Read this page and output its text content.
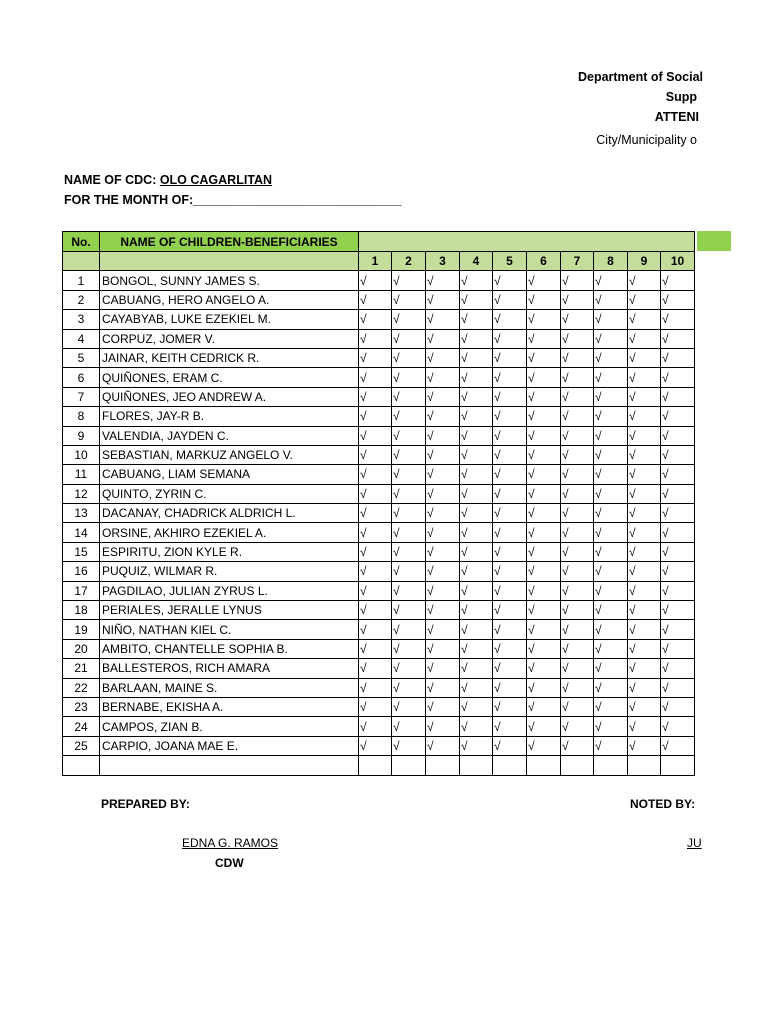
Department of Social
Supp
ATTENI
City/Municipality o
NAME OF CDC: OLO CAGARLITAN
FOR THE MONTH OF:______________________________
No.	NAME OF CHILDREN-BENEFICIARIES										
		1	2	3	4	5	6	7	8	9	10
1	BONGOL, SUNNY JAMES S.	√	√	√	√	√	√	√	√	√	√
2	CABUANG, HERO ANGELO A.	√	√	√	√	√	√	√	√	√	√
3	CAYABYAB, LUKE EZEKIEL M.	√	√	√	√	√	√	√	√	√	√
4	CORPUZ, JOMER V.	√	√	√	√	√	√	√	√	√	√
5	JAINAR, KEITH CEDRICK R.	√	√	√	√	√	√	√	√	√	√
6	QUIÑONES, ERAM C.	√	√	√	√	√	√	√	√	√	√
7	QUIÑONES, JEO ANDREW A.	√	√	√	√	√	√	√	√	√	√
8	FLORES, JAY-R B.	√	√	√	√	√	√	√	√	√	√
9	VALENDIA, JAYDEN C.	√	√	√	√	√	√	√	√	√	√
10	SEBASTIAN, MARKUZ ANGELO V.	√	√	√	√	√	√	√	√	√	√
11	CABUANG, LIAM SEMANA	√	√	√	√	√	√	√	√	√	√
12	QUINTO, ZYRIN C.	√	√	√	√	√	√	√	√	√	√
13	DACANAY, CHADRICK ALDRICH L.	√	√	√	√	√	√	√	√	√	√
14	ORSINE, AKHIRO EZEKIEL A.	√	√	√	√	√	√	√	√	√	√
15	ESPIRITU, ZION KYLE R.	√	√	√	√	√	√	√	√	√	√
16	PUQUIZ, WILMAR R.	√	√	√	√	√	√	√	√	√	√
17	PAGDILAO, JULIAN ZYRUS L.	√	√	√	√	√	√	√	√	√	√
18	PERIALES, JERALLE LYNUS	√	√	√	√	√	√	√	√	√	√
19	NIÑO, NATHAN KIEL C.	√	√	√	√	√	√	√	√	√	√
20	AMBITO, CHANTELLE SOPHIA B.	√	√	√	√	√	√	√	√	√	√
21	BALLESTEROS, RICH AMARA	√	√	√	√	√	√	√	√	√	√
22	BARLAAN, MAINE S.	√	√	√	√	√	√	√	√	√	√
23	BERNABE, EKISHA A.	√	√	√	√	√	√	√	√	√	√
24	CAMPOS, ZIAN B.	√	√	√	√	√	√	√	√	√	√
25	CARPIO, JOANA MAE E.	√	√	√	√	√	√	√	√	√	√

PREPARED BY:
EDNA G. RAMOS
CDW
NOTED BY:
JU
